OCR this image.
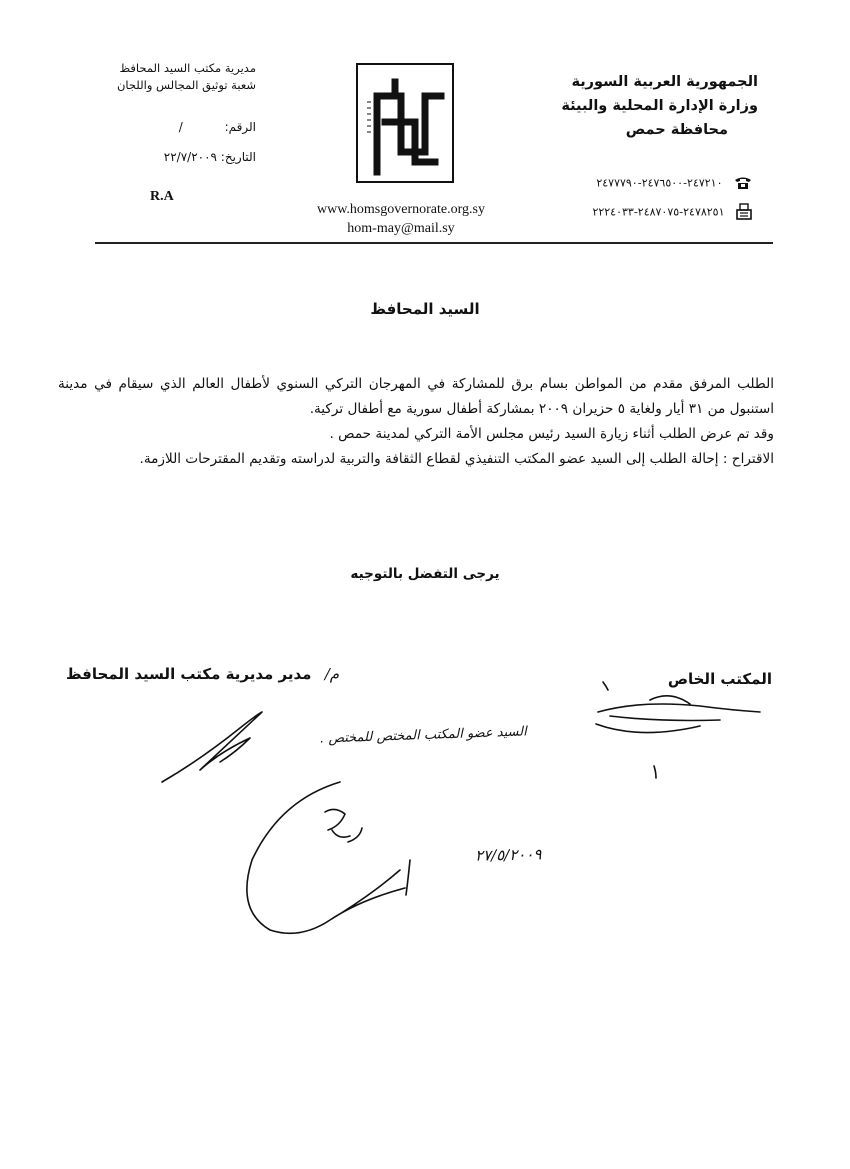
الجمهورية العربية السورية
وزارة الإدارة المحلية والبيئة
محافظة حمص
مديرية مكتب السيد المحافظ
شعبة توثيق المجالس واللجان
الرقم: /
التاريخ: ٢٢/٧/٢٠٠٩
R.A
www.homsgovernorate.org.sy
hom-may@mail.sy
٢٤٧٢١٠-٢٤٧٦٥٠٠-٢٤٧٧٧٩٠
٢٤٧٨٢٥١-٢٤٨٧٠٧٥-٢٢٢٤٠٣٣
السيد المحافظ

الطلب المرفق مقدم من المواطن بسام برق للمشاركة في المهرجان التركي السنوي لأطفال العالم الذي سيقام في مدينة استنبول من ٣١ أيار ولغاية ٥ حزيران ٢٠٠٩ بمشاركة أطفال سورية مع أطفال تركية.

وقد تم عرض الطلب أثناء زيارة السيد رئيس مجلس الأمة التركي لمدينة حمص .

الاقتراح : إحالة الطلب إلى السيد عضو المكتب التنفيذي لقطاع الثقافة والتربية لدراسته وتقديم المقترحات اللازمة.

يرجى التفضل بالتوجيه
المكتب الخاص
م/ مدير مديرية مكتب السيد المحافظ
السيد عضو المكتب المختص للمختص .
٢٧/٥/٢٠٠٩
